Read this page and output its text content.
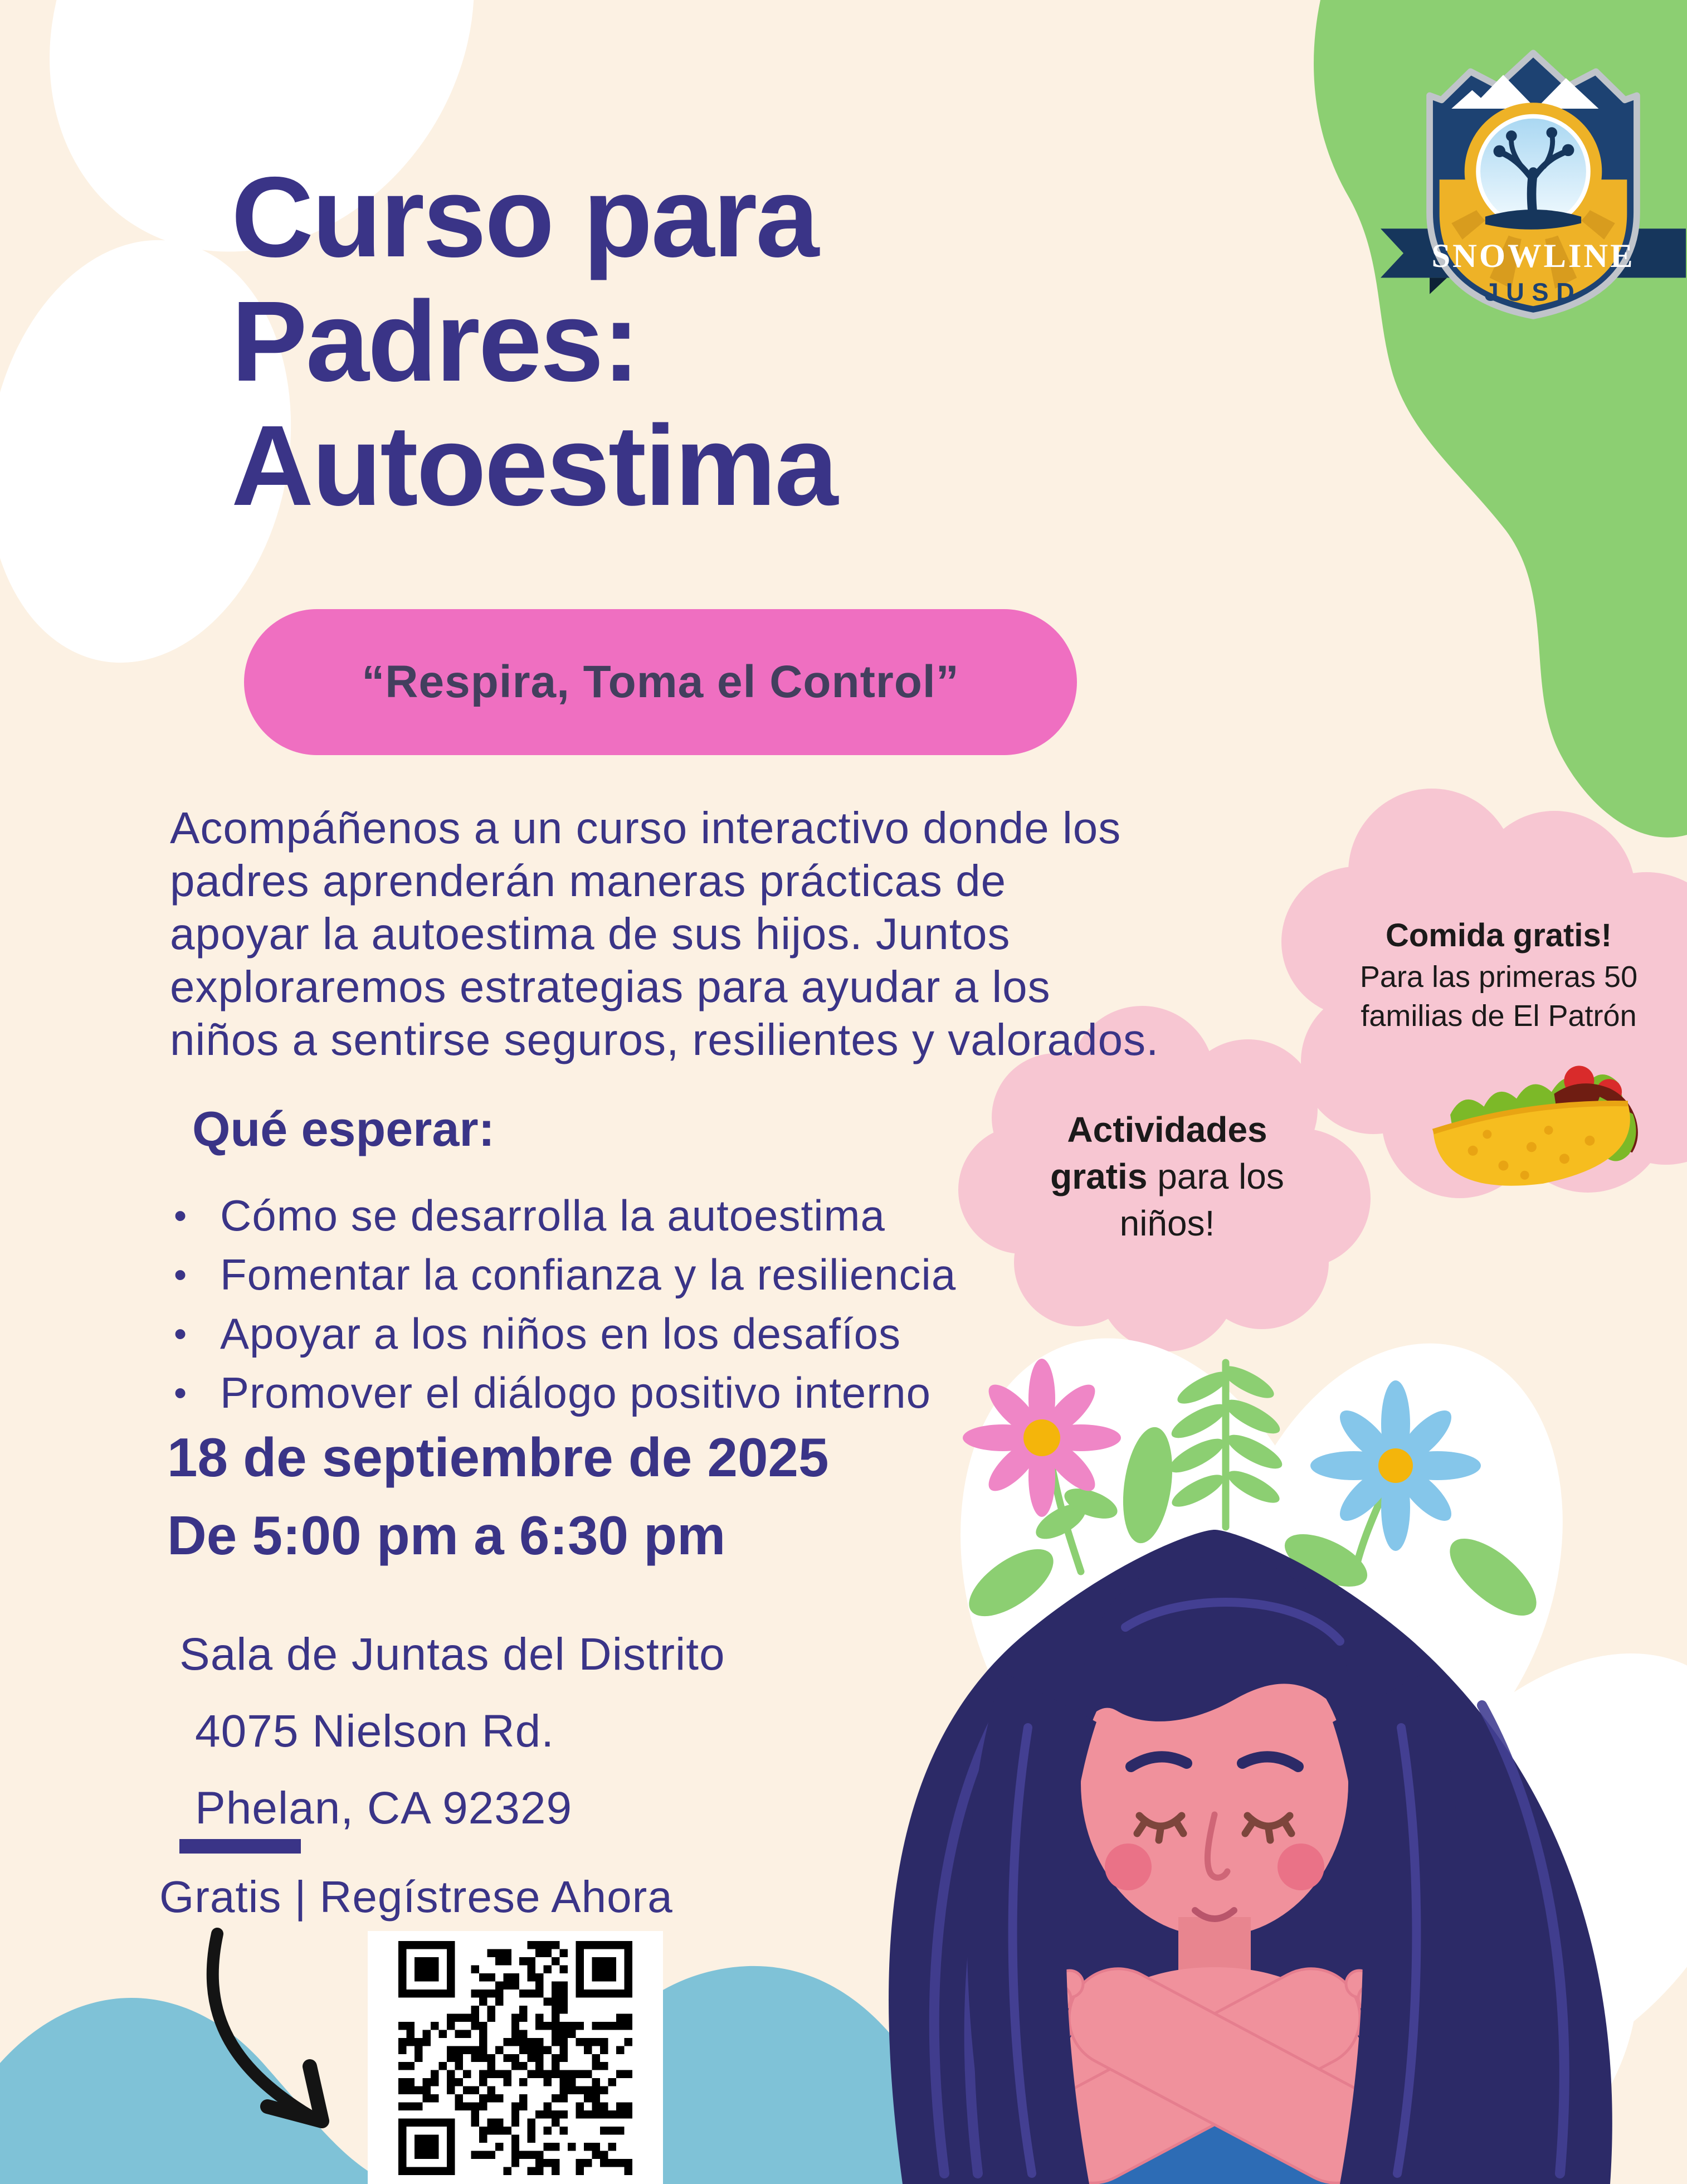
SNOWLINE
JUSD
Curso para
Padres:
Autoestima
“Respira, Toma el Control”
Acompáñenos a un curso interactivo donde los
padres aprenderán maneras prácticas de
apoyar la autoestima de sus hijos. Juntos
exploraremos estrategias para ayudar a los
niños a sentirse seguros, resilientes y valorados.
Qué esperar:
• Cómo se desarrolla la autoestima
• Fomentar la confianza y la resiliencia
• Apoyar a los niños en los desafíos
• Promover el diálogo positivo interno
Comida gratis!
Para las primeras 50
familias de El Patrón
Actividades
gratis para los
niños!
18 de septiembre de 2025
De 5:00 pm a 6:30 pm
Sala de Juntas del Distrito
4075 Nielson Rd.
Phelan, CA 92329
Gratis | Regístrese Ahora
